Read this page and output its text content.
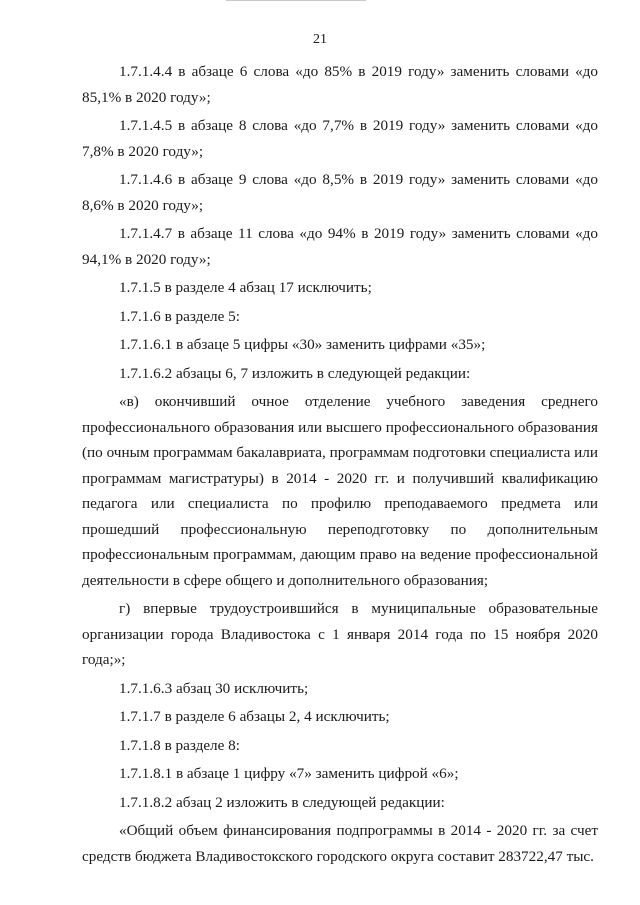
21

1.7.1.4.4 в абзаце 6 слова «до 85% в 2019 году» заменить словами «до 85,1% в 2020 году»;

1.7.1.4.5 в абзаце 8 слова «до 7,7% в 2019 году» заменить словами «до 7,8% в 2020 году»;

1.7.1.4.6 в абзаце 9 слова «до 8,5% в 2019 году» заменить словами «до 8,6% в 2020 году»;

1.7.1.4.7 в абзаце 11 слова «до 94% в 2019 году» заменить словами «до 94,1% в 2020 году»;

1.7.1.5 в разделе 4 абзац 17 исключить;

1.7.1.6 в разделе 5:

1.7.1.6.1 в абзаце 5 цифры «30» заменить цифрами «35»;

1.7.1.6.2 абзацы 6, 7 изложить в следующей редакции:

«в) окончивший очное отделение учебного заведения среднего профессионального образования или высшего профессионального образования (по очным программам бакалавриата, программам подготовки специалиста или программам магистратуры) в 2014 - 2020 гг. и получивший квалификацию педагога или специалиста по профилю преподаваемого предмета или прошедший профессиональную переподготовку по дополнительным профессиональным программам, дающим право на ведение профессиональной деятельности в сфере общего и дополнительного образования;

г) впервые трудоустроившийся в муниципальные образовательные организации города Владивостока с 1 января 2014 года по 15 ноября 2020 года;»;

1.7.1.6.3 абзац 30 исключить;

1.7.1.7 в разделе 6 абзацы 2, 4 исключить;

1.7.1.8 в разделе 8:

1.7.1.8.1 в абзаце 1 цифру «7» заменить цифрой «6»;

1.7.1.8.2 абзац 2 изложить в следующей редакции:

«Общий объем финансирования подпрограммы в 2014 - 2020 гг. за счет средств бюджета Владивостокского городского округа составит 283722,47 тыс.
